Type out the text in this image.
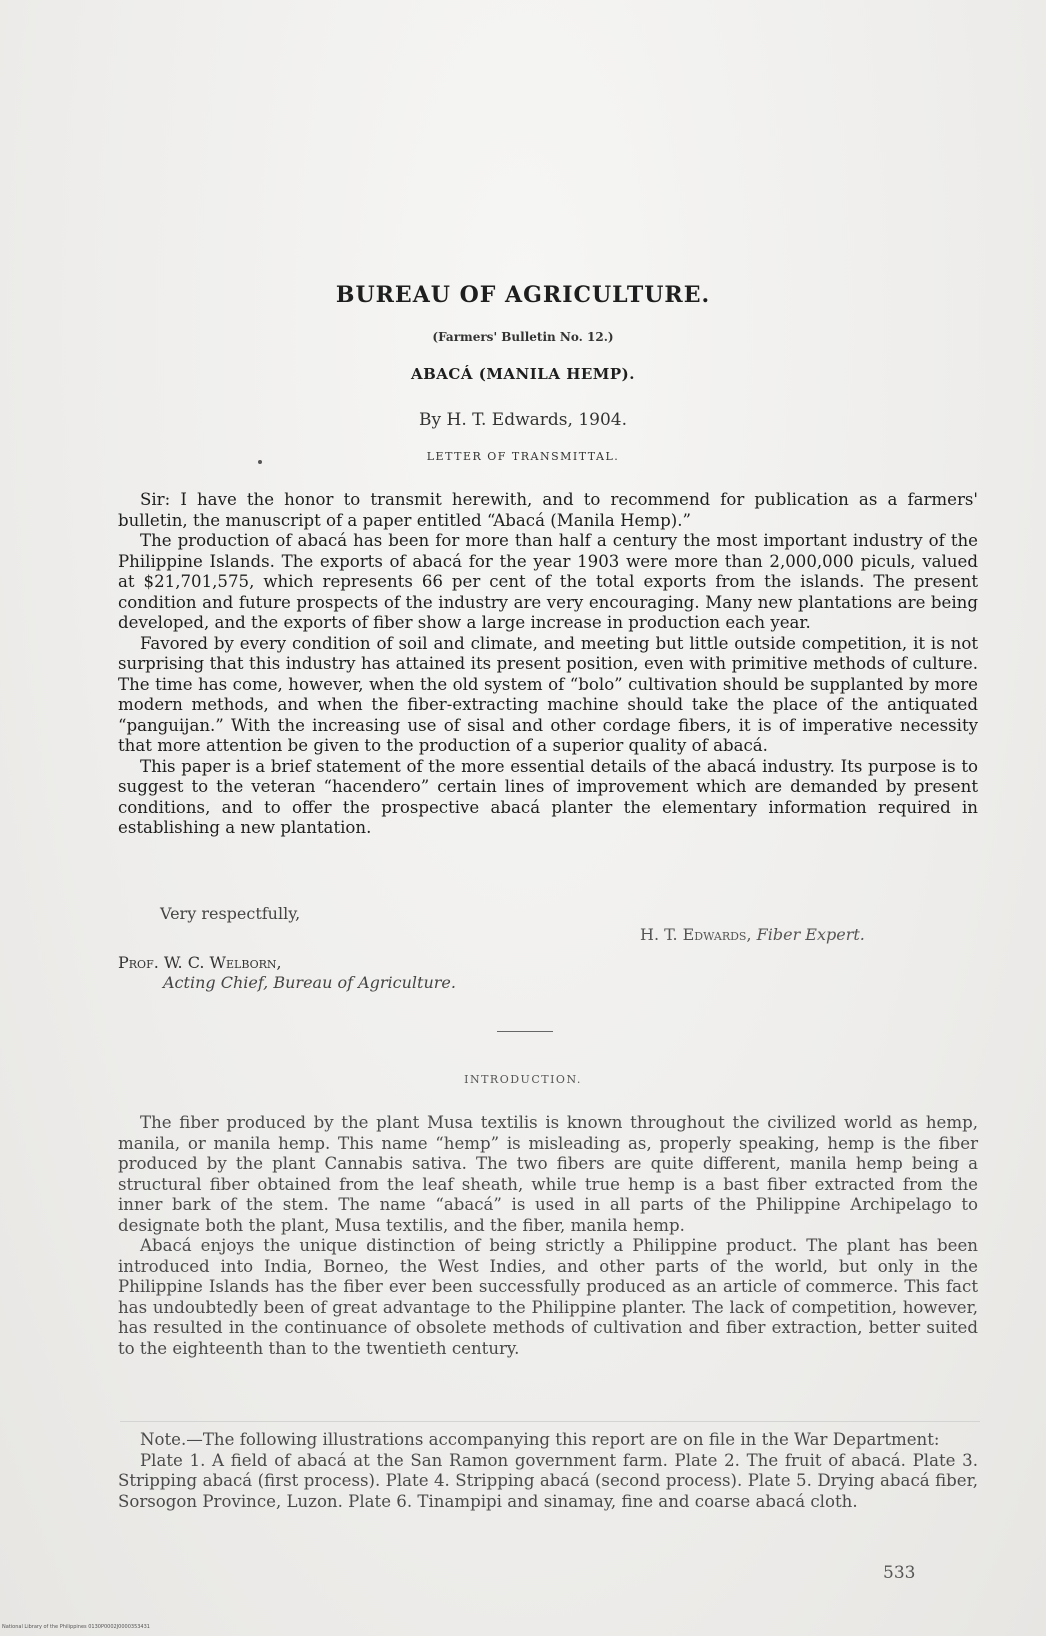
BUREAU OF AGRICULTURE.
(Farmers' Bulletin No. 12.)
ABACÁ (MANILA HEMP).
By H. T. Edwards, 1904.
LETTER OF TRANSMITTAL.

Sir: I have the honor to transmit herewith, and to recommend for publication as a farmers' bulletin, the manuscript of a paper entitled “Abacá (Manila Hemp).”

The production of abacá has been for more than half a century the most important industry of the Philippine Islands. The exports of abacá for the year 1903 were more than 2,000,000 piculs, valued at $21,701,575, which represents 66 per cent of the total exports from the islands. The present condition and future prospects of the industry are very encouraging. Many new plantations are being developed, and the exports of fiber show a large increase in production each year.

Favored by every condition of soil and climate, and meeting but little outside competition, it is not surprising that this industry has attained its present position, even with primitive methods of culture. The time has come, however, when the old system of “bolo” cultivation should be supplanted by more modern methods, and when the fiber-extracting machine should take the place of the antiquated “panguijan.” With the increasing use of sisal and other cordage fibers, it is of imperative necessity that more attention be given to the production of a superior quality of abacá.

This paper is a brief statement of the more essential details of the abacá industry. Its purpose is to suggest to the veteran “hacendero” certain lines of improvement which are demanded by present conditions, and to offer the prospective abacá planter the elementary information required in establishing a new plantation.

Very respectfully,
H. T. Edwards, Fiber Expert.
Prof. W. C. Welborn,
Acting Chief, Bureau of Agriculture.
INTRODUCTION.

The fiber produced by the plant Musa textilis is known throughout the civilized world as hemp, manila, or manila hemp. This name “hemp” is misleading as, properly speaking, hemp is the fiber produced by the plant Cannabis sativa. The two fibers are quite different, manila hemp being a structural fiber obtained from the leaf sheath, while true hemp is a bast fiber extracted from the inner bark of the stem. The name “abacá” is used in all parts of the Philippine Archipelago to designate both the plant, Musa textilis, and the fiber, manila hemp.

Abacá enjoys the unique distinction of being strictly a Philippine product. The plant has been introduced into India, Borneo, the West Indies, and other parts of the world, but only in the Philippine Islands has the fiber ever been successfully produced as an article of commerce. This fact has undoubtedly been of great advantage to the Philippine planter. The lack of competition, however, has resulted in the continuance of obsolete methods of cultivation and fiber extraction, better suited to the eighteenth than to the twentieth century.

Note.—The following illustrations accompanying this report are on file in the War Department:

Plate 1. A field of abacá at the San Ramon government farm. Plate 2. The fruit of abacá. Plate 3. Stripping abacá (first process). Plate 4. Stripping abacá (second process). Plate 5. Drying abacá fiber, Sorsogon Province, Luzon. Plate 6. Tinampipi and sinamay, fine and coarse abacá cloth.

533
National Library of the Philippines 0130P0002J0000353431
